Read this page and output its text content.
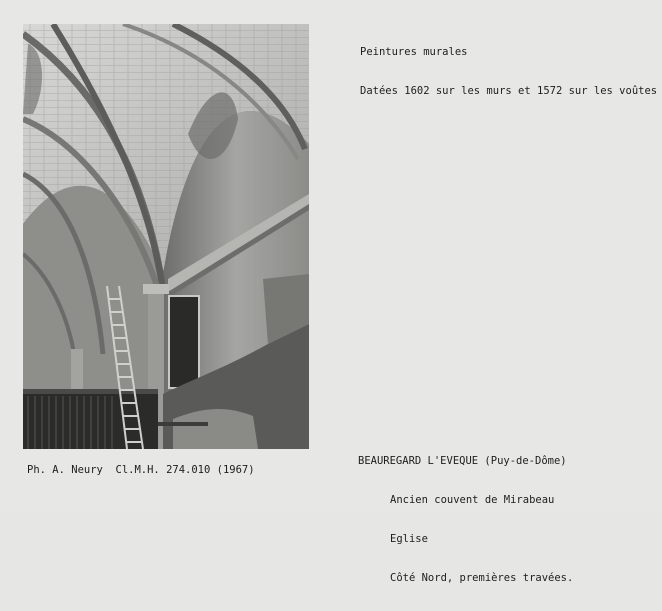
Peintures murales

Datées 1602 sur les murs et 1572 sur les voûtes

Ph. A. Neury  Cl.M.H. 274.010 (1967)

BEAUREGARD L'EVEQUE (Puy-de-Dôme)

Ancien couvent de Mirabeau

Eglise

Côté Nord, premières travées.
